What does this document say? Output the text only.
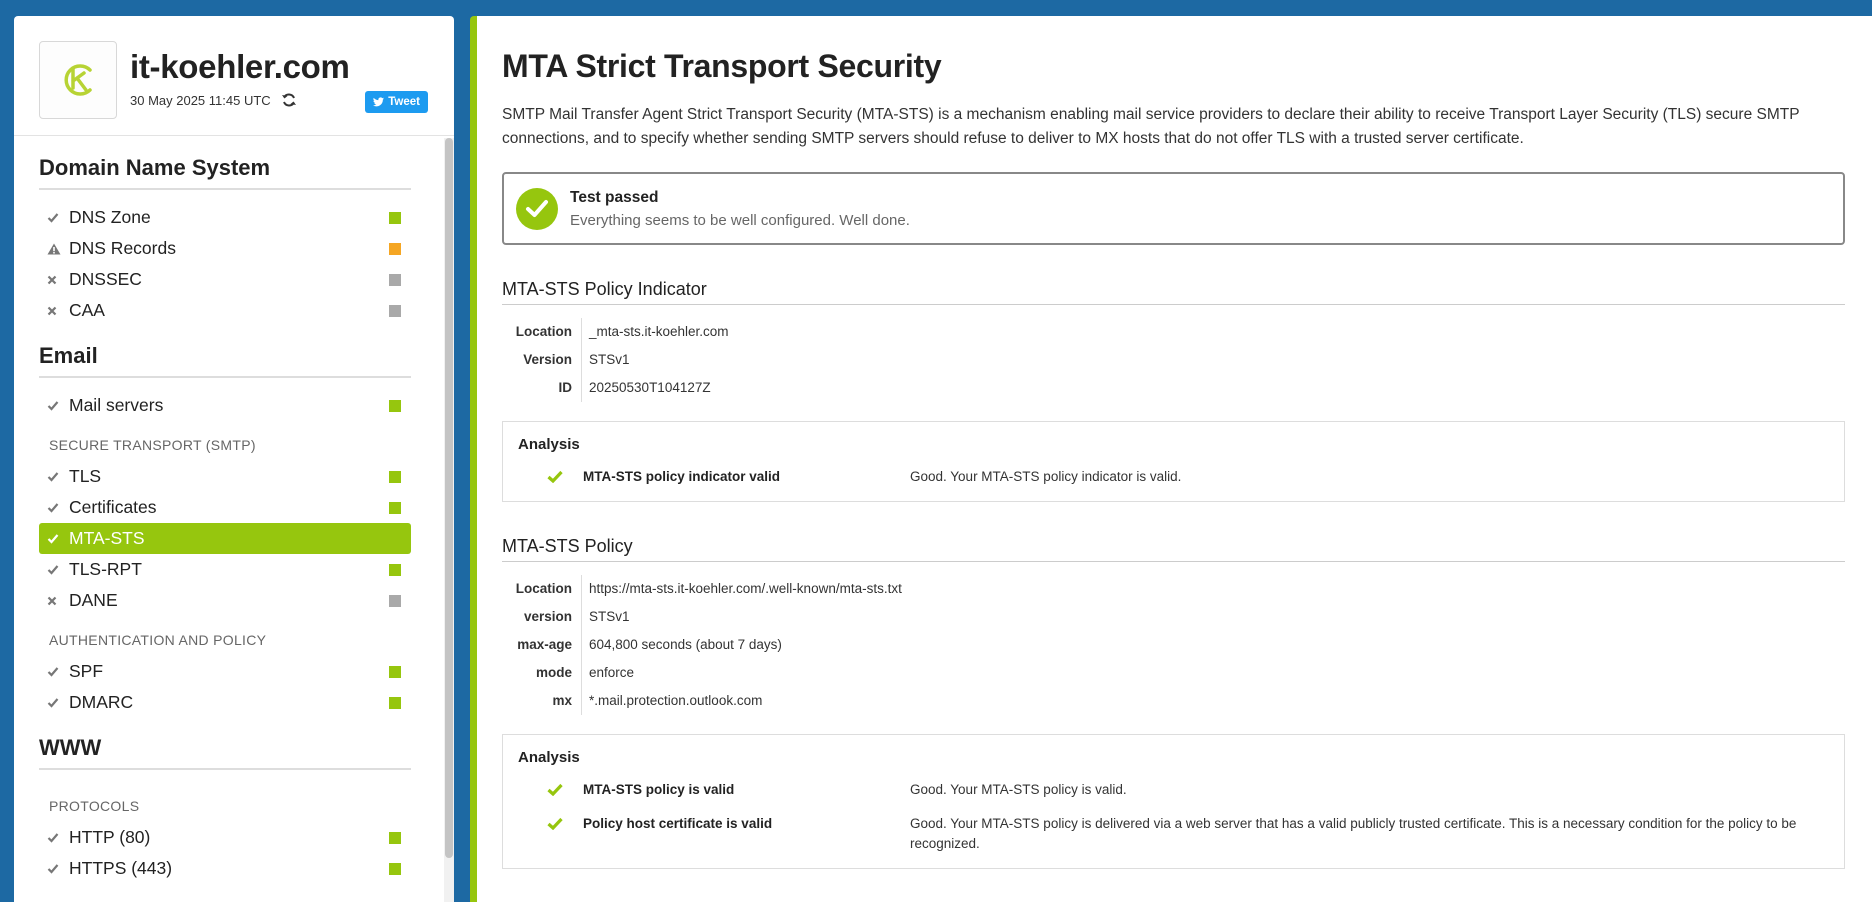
it-koehler.com
30 May 2025 11:45 UTC	Tweet
Domain Name System
DNS Zone
DNS Records
DNSSEC
CAA
Email
Mail servers
SECURE TRANSPORT (SMTP)
TLS
Certificates
MTA-STS
TLS-RPT
DANE
AUTHENTICATION AND POLICY
SPF
DMARC
WWW
PROTOCOLS
HTTP (80)
HTTPS (443)
MTA Strict Transport Security

SMTP Mail Transfer Agent Strict Transport Security (MTA-STS) is a mechanism enabling mail service providers to declare their ability to receive Transport Layer Security (TLS) secure SMTP connections, and to specify whether sending SMTP servers should refuse to deliver to MX hosts that do not offer TLS with a trusted server certificate.

Test passed
Everything seems to be well configured. Well done.
MTA-STS Policy Indicator
Location	_mta-sts.it-koehler.com
Version	STSv1
ID	20250530T104127Z
Analysis
MTA-STS policy indicator valid	Good. Your MTA-STS policy indicator is valid.
MTA-STS Policy
Location	https://mta-sts.it-koehler.com/.well-known/mta-sts.txt
version	STSv1
max-age	604,800 seconds (about 7 days)
mode	enforce
mx	*.mail.protection.outlook.com
Analysis
MTA-STS policy is valid	Good. Your MTA-STS policy is valid.
Policy host certificate is valid	Good. Your MTA-STS policy is delivered via a web server that has a valid publicly trusted certificate. This is a necessary condition for the policy to be recognized.
